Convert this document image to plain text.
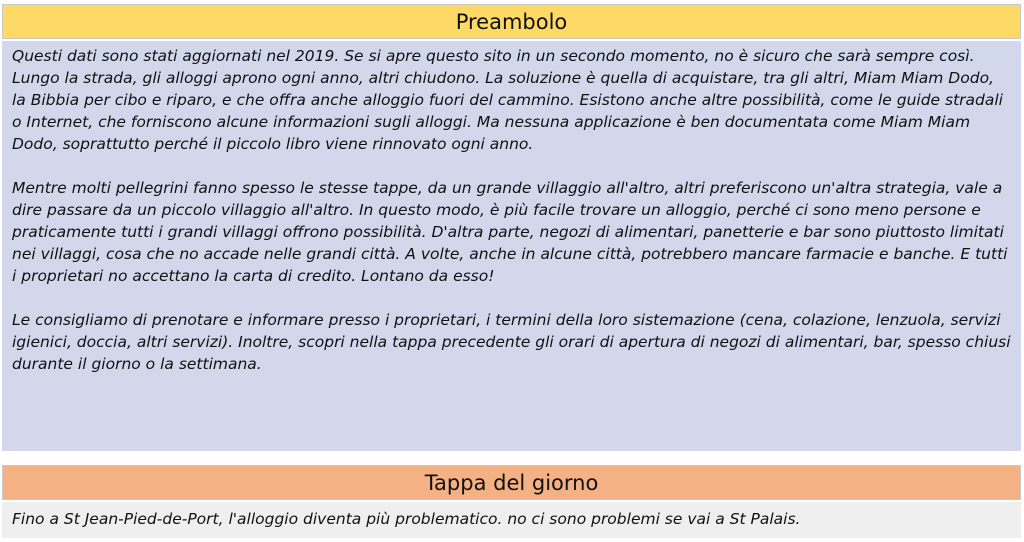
Preambolo

Questi dati sono stati aggiornati nel 2019. Se si apre questo sito in un secondo momento, no è sicuro che sarà sempre così. Lungo la strada, gli alloggi aprono ogni anno, altri chiudono. La soluzione è quella di acquistare, tra gli altri, Miam Miam Dodo, la Bibbia per cibo e riparo, e che offra anche alloggio fuori del cammino. Esistono anche altre possibilità, come le guide stradali o Internet, che forniscono alcune informazioni sugli alloggi. Ma nessuna applicazione è ben documentata come Miam Miam Dodo, soprattutto perché il piccolo libro viene rinnovato ogni anno.

Mentre molti pellegrini fanno spesso le stesse tappe, da un grande villaggio all'altro, altri preferiscono un'altra strategia, vale a dire passare da un piccolo villaggio all'altro. In questo modo, è più facile trovare un alloggio, perché ci sono meno persone e praticamente tutti i grandi villaggi offrono possibilità. D'altra parte, negozi di alimentari, panetterie e bar sono piuttosto limitati nei villaggi, cosa che no accade nelle grandi città. A volte, anche in alcune città, potrebbero mancare farmacie e banche. E tutti i proprietari no accettano la carta di credito. Lontano da esso!

Le consigliamo di prenotare e informare presso i proprietari, i termini della loro sistemazione (cena, colazione, lenzuola, servizi igienici, doccia, altri servizi). Inoltre, scopri nella tappa precedente gli orari di apertura di negozi di alimentari, bar, spesso chiusi durante il giorno o la settimana.

Tappa del giorno

Fino a St Jean-Pied-de-Port, l'alloggio diventa più problematico. no ci sono problemi se vai a St Palais.
